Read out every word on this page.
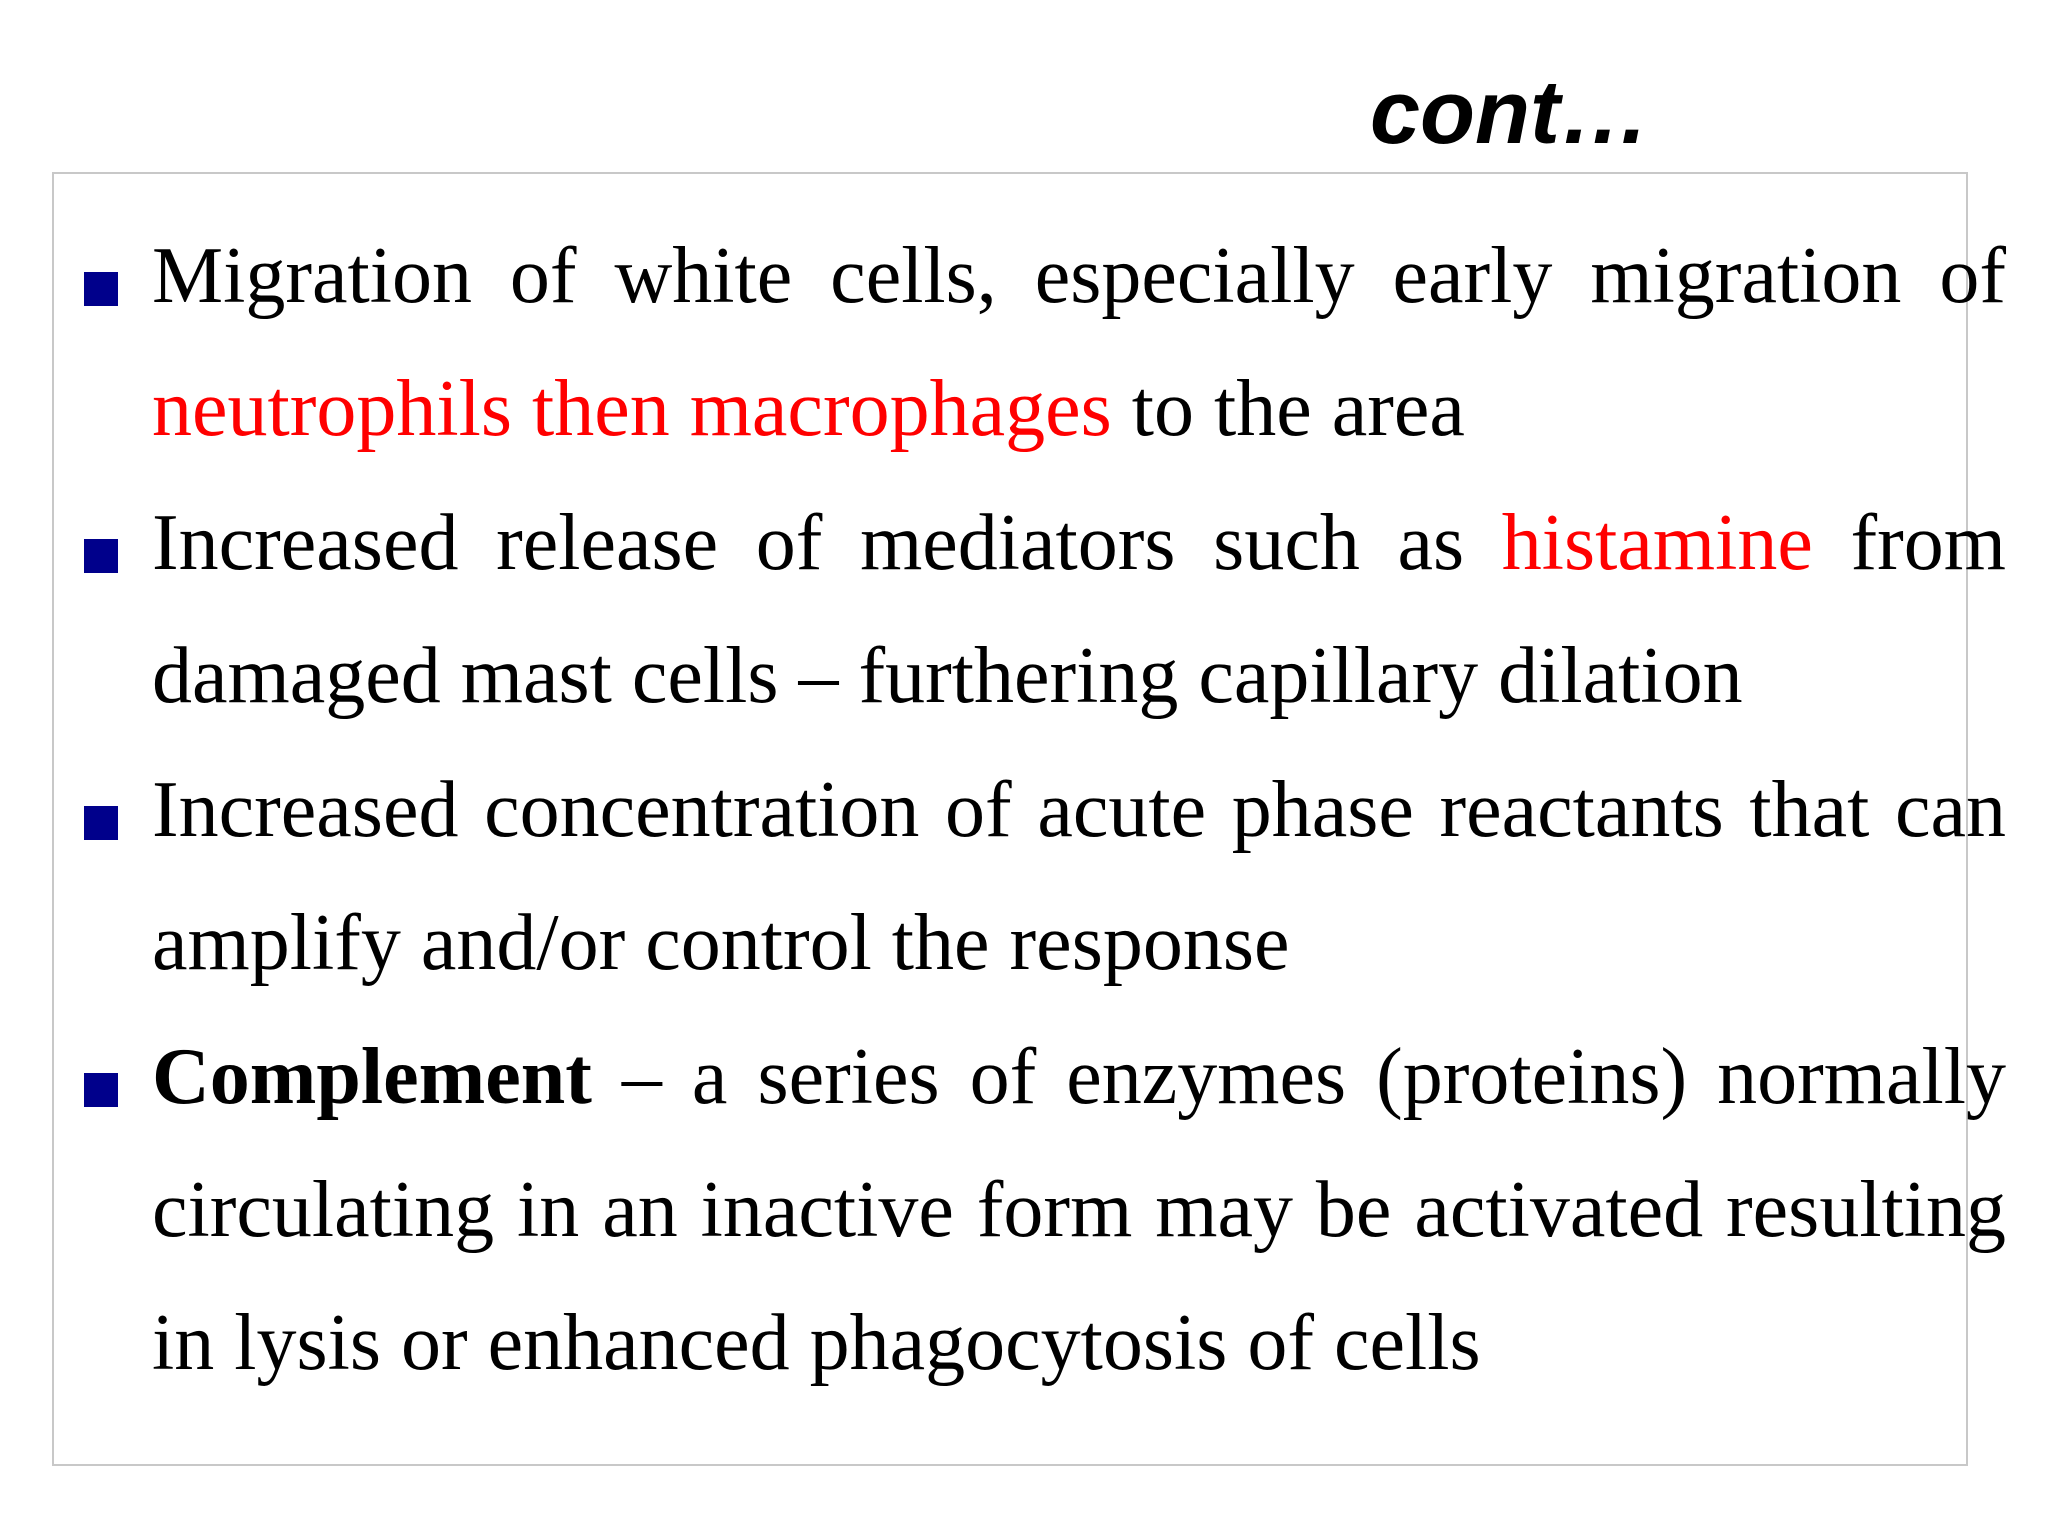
cont…

Migration of white cells, especially early migration of neutrophils then macrophages to the area

Increased release of mediators such as histamine from damaged mast cells – furthering capillary dilation

Increased concentration of acute phase reactants that can amplify and/or control the response

Complement – a series of enzymes (proteins) normally circulating in an inactive form may be activated resulting in lysis or enhanced phagocytosis of cells
